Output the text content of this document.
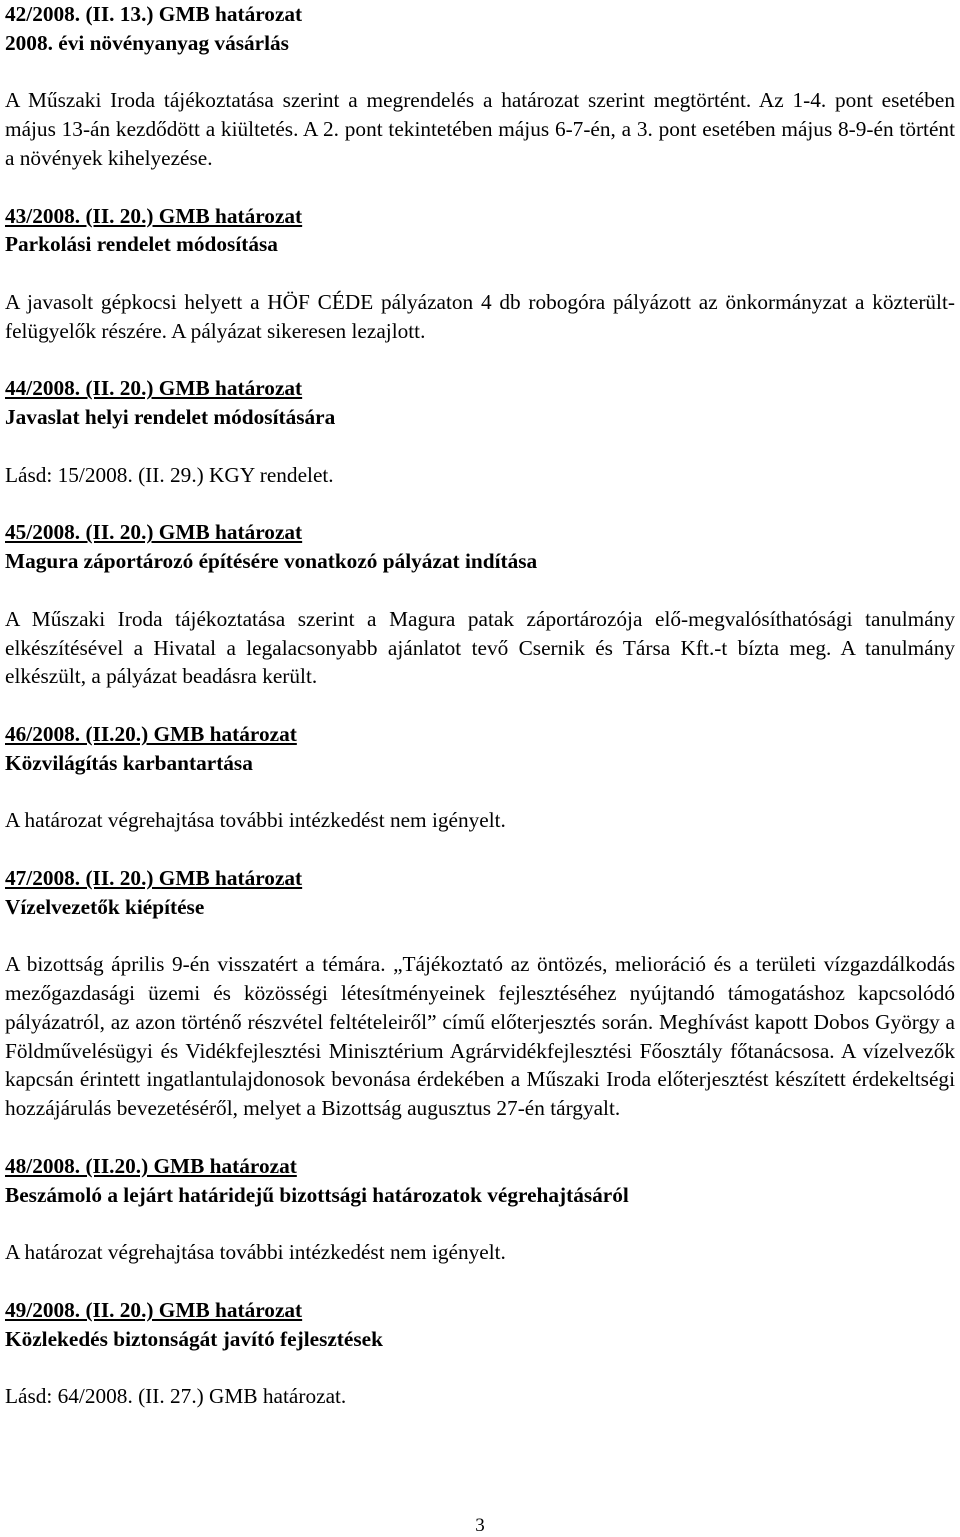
42/2008. (II. 13.) GMB határozat
2008. évi növényanyag vásárlás

A Műszaki Iroda tájékoztatása szerint a megrendelés a határozat szerint megtörtént. Az 1-4. pont esetében május 13-án kezdődött a kiültetés. A 2. pont tekintetében május 6-7-én, a 3. pont esetében május 8-9-én történt a növények kihelyezése.

43/2008. (II. 20.) GMB határozat
Parkolási rendelet módosítása

A javasolt gépkocsi helyett a HÖF CÉDE pályázaton 4 db robogóra pályázott az önkormányzat a közterült-felügyelők részére. A pályázat sikeresen lezajlott.

44/2008. (II. 20.) GMB határozat
Javaslat helyi rendelet módosítására

Lásd: 15/2008. (II. 29.) KGY rendelet.

45/2008. (II. 20.) GMB határozat
Magura záportározó építésére vonatkozó pályázat indítása

A Műszaki Iroda tájékoztatása szerint a Magura patak záportározója elő-megvalósíthatósági tanulmány elkészítésével a Hivatal a legalacsonyabb ajánlatot tevő Csernik és Társa Kft.-t bízta meg. A tanulmány elkészült, a pályázat beadásra került.

46/2008. (II.20.) GMB határozat
Közvilágítás karbantartása

A határozat végrehajtása további intézkedést nem igényelt.

47/2008. (II. 20.) GMB határozat
Vízelvezetők kiépítése

A bizottság április 9-én visszatért a témára. „Tájékoztató az öntözés, melioráció és a területi vízgazdálkodás mezőgazdasági üzemi és közösségi létesítményeinek fejlesztéséhez nyújtandó támogatáshoz kapcsolódó pályázatról, az azon történő részvétel feltételeiről” című előterjesztés során. Meghívást kapott Dobos György a Földművelésügyi és Vidékfejlesztési Minisztérium Agrárvidékfejlesztési Főosztály főtanácsosa. A vízelvezők kapcsán érintett ingatlantulajdonosok bevonása érdekében a Műszaki Iroda előterjesztést készített érdekeltségi hozzájárulás bevezetéséről, melyet a Bizottság augusztus 27-én tárgyalt.

48/2008. (II.20.) GMB határozat
Beszámoló a lejárt határidejű bizottsági határozatok végrehajtásáról

A határozat végrehajtása további intézkedést nem igényelt.

49/2008. (II. 20.) GMB határozat
Közlekedés biztonságát javító fejlesztések

Lásd: 64/2008. (II. 27.) GMB határozat.

3
